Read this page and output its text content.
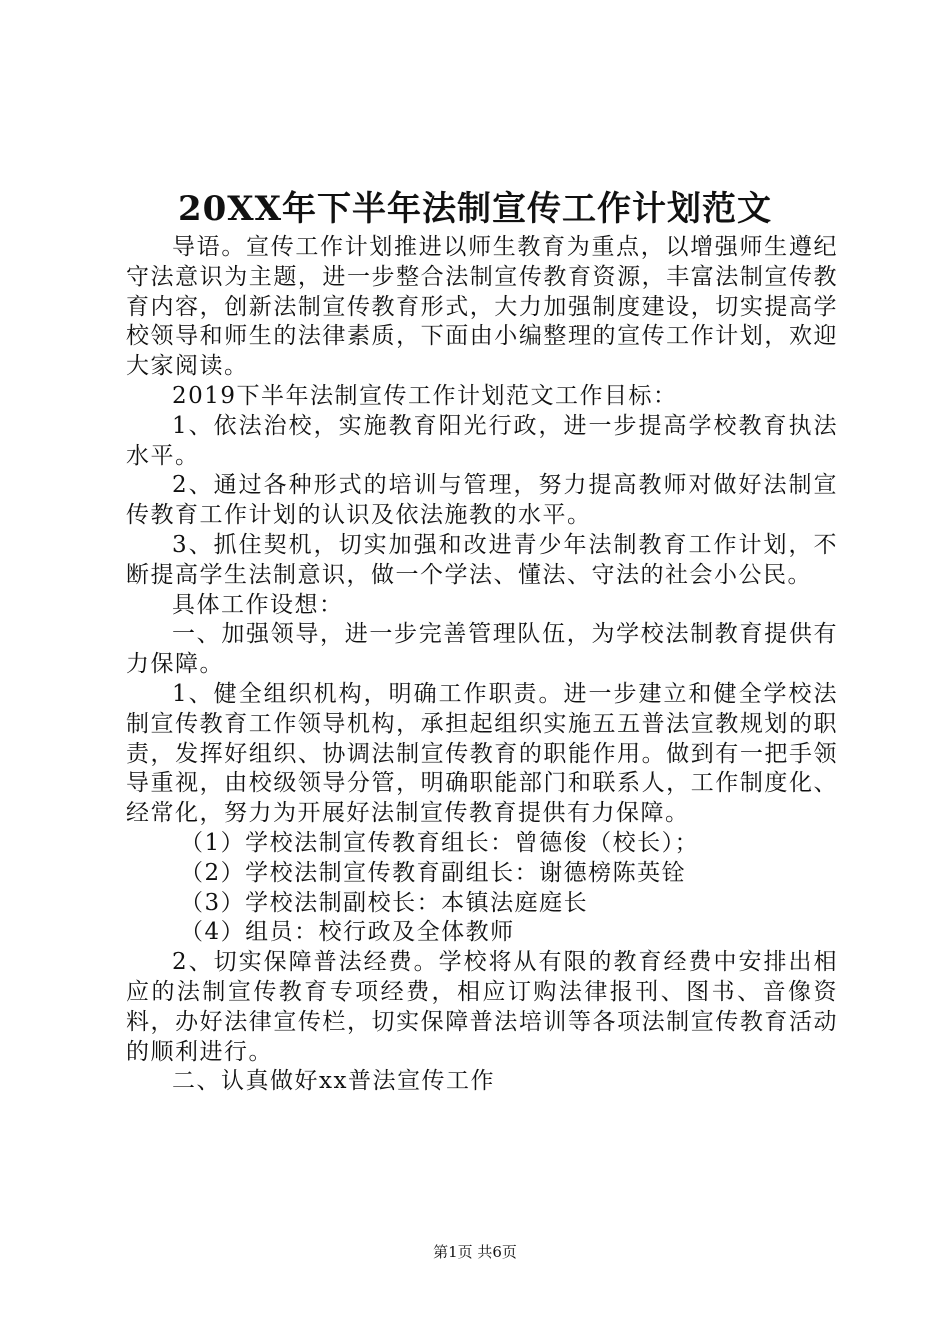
20XX年下半年法制宣传工作计划范文

导语。宣传工作计划推进以师生教育为重点，以增强师生遵纪守法意识为主题，进一步整合法制宣传教育资源，丰富法制宣传教育内容，创新法制宣传教育形式，大力加强制度建设，切实提高学校领导和师生的法律素质，下面由小编整理的宣传工作计划，欢迎大家阅读。

2019下半年法制宣传工作计划范文工作目标：

1、依法治校，实施教育阳光行政，进一步提高学校教育执法水平。

2、通过各种形式的培训与管理，努力提高教师对做好法制宣传教育工作计划的认识及依法施教的水平。

3、抓住契机，切实加强和改进青少年法制教育工作计划，不断提高学生法制意识，做一个学法、懂法、守法的社会小公民。

具体工作设想：

一、加强领导，进一步完善管理队伍，为学校法制教育提供有力保障。

1、健全组织机构，明确工作职责。进一步建立和健全学校法制宣传教育工作领导机构，承担起组织实施五五普法宣教规划的职责，发挥好组织、协调法制宣传教育的职能作用。做到有一把手领导重视，由校级领导分管，明确职能部门和联系人，工作制度化、经常化，努力为开展好法制宣传教育提供有力保障。

（1）学校法制宣传教育组长：曾德俊（校长）；

（2）学校法制宣传教育副组长：谢德榜陈英铨

（3）学校法制副校长：本镇法庭庭长

（4）组员：校行政及全体教师

2、切实保障普法经费。学校将从有限的教育经费中安排出相应的法制宣传教育专项经费，相应订购法律报刊、图书、音像资料，办好法律宣传栏，切实保障普法培训等各项法制宣传教育活动的顺利进行。

二、认真做好xx普法宣传工作

第1页 共6页
